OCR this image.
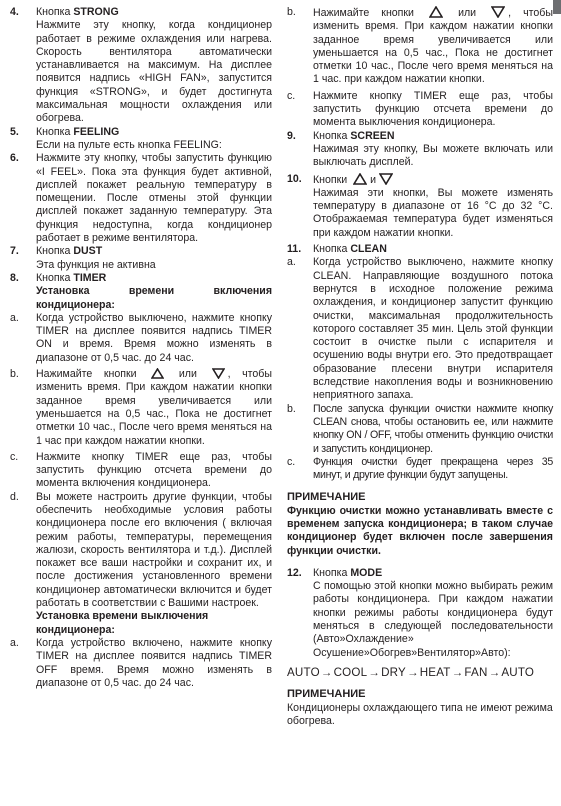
4.	Кнопка STRONG
Нажмите эту кнопку, когда кондиционер работает в режиме охлаждения или нагрева. Скорость вентилятора автоматически устанавливается на максимум. На дисплее появится надпись «HIGH FAN», запустится функция «STRONG», и будет достигнута максимальная мощности охлаждения или обогрева.
5.	Кнопка FEELING
Если на пульте есть кнопка FEELING:
6.	Нажмите эту кнопку, чтобы запустить функцию «I FEEL». Пока эта функция будет активной, дисплей покажет реальную температуру в помещении. После отмены этой функции дисплей покажет заданную температуру. Эта функция недоступна, когда кондиционер работает в режиме вентилятора.
7.	Кнопка DUST
Эта функция не активна
8.	Кнопка TIMER
Установка времени включения кондиционера:
a.	Когда устройство выключено, нажмите кнопку TIMER на дисплее появится надпись TIMER ON и время. Время можно изменять в диапазоне от 0,5 час. до 24 час.
b.	Нажимайте кнопки	или	, чтобы изменить время. При каждом нажатии кнопки заданное время увеличивается или уменьшается на 0,5 час., Пока не достигнет отметки 10 час., После чего время меняться на 1 час при каждом нажатии кнопки.
c.	Нажмите кнопку TIMER еще раз, чтобы запустить функцию отсчета времени до момента включения кондиционера.
d.	Вы можете настроить другие функции, чтобы обеспечить необходимые условия работы кондиционера после его включения ( включая режим работы, температуры, перемещения жалюзи, скорость вентилятора и т.д.). Дисплей покажет все ваши настройки и сохранит их, и после достижения установленного времени кондиционер автоматически включится и будет работать в соответствии с Вашими настроек.
Установка времени выключения кондиционера:
a.	Когда устройство включено, нажмите кнопку TIMER на дисплее появится надпись TIMER OFF время. Время можно изменять в диапазоне от 0,5 час. до 24 час.
b.	Нажимайте кнопки	или	, чтобы изменить время. При каждом нажатии кнопки заданное время увеличивается или уменьшается на 0,5 час., Пока не достигнет отметки 10 час., После чего время меняться на 1 час. при каждом нажатии кнопки.
c.	Нажмите кнопку TIMER еще раз, чтобы запустить функцию отсчета времени до момента выключения кондиционера.
9.	Кнопка SCREEN
Нажимая эту кнопку, Вы можете включать или выключать дисплей.
10.	Кнопки
и
Нажимая эти кнопки, Вы можете изменять температуру в диапазоне от 16 °C до 32 °C. Отображаемая температура будет изменяться при каждом нажатии кнопки.
11.	Кнопка CLEAN
a.	Когда устройство выключено, нажмите кнопку CLEAN. Направляющие воздушного потока вернутся в исходное положение режима охлаждения, и кондиционер запустит функцию очистки, максимальная продолжительность которого составляет 35 мин. Цель этой функции состоит в очистке пыли с испарителя и осушению воды внутри его. Это предотвращает образование плесени внутри испарителя вследствие накопления воды и возникновению неприятного запаха.
b.	После запуска функции очистки нажмите кнопку CLEAN снова, чтобы остановить ее, или нажмите кнопку ON / OFF, чтобы отменить функцию очистки и запустить кондиционер.
c.	Функция очистки будет прекращена через 35 минут, и другие функции будут запущены.
ПРИМЕЧАНИЕ
Функцию очистки можно устанавливать вместе с временем запуска кондиционера; в таком случае кондиционер будет включен после завершения функции очистки.
12.	Кнопка MODE
С помощью этой кнопки можно выбирать режим работы кондиционера. При каждом нажатии кнопки режимы работы кондиционера будут меняться в следующей последовательности (Авто»Охлаждение» Осушение»Обогрев»Вентилятор»Авто):
AUTO→COOL→DRY→HEAT→FAN→AUTO
ПРИМЕЧАНИЕ
Кондиционеры охлаждающего типа не имеют режима обогрева.
